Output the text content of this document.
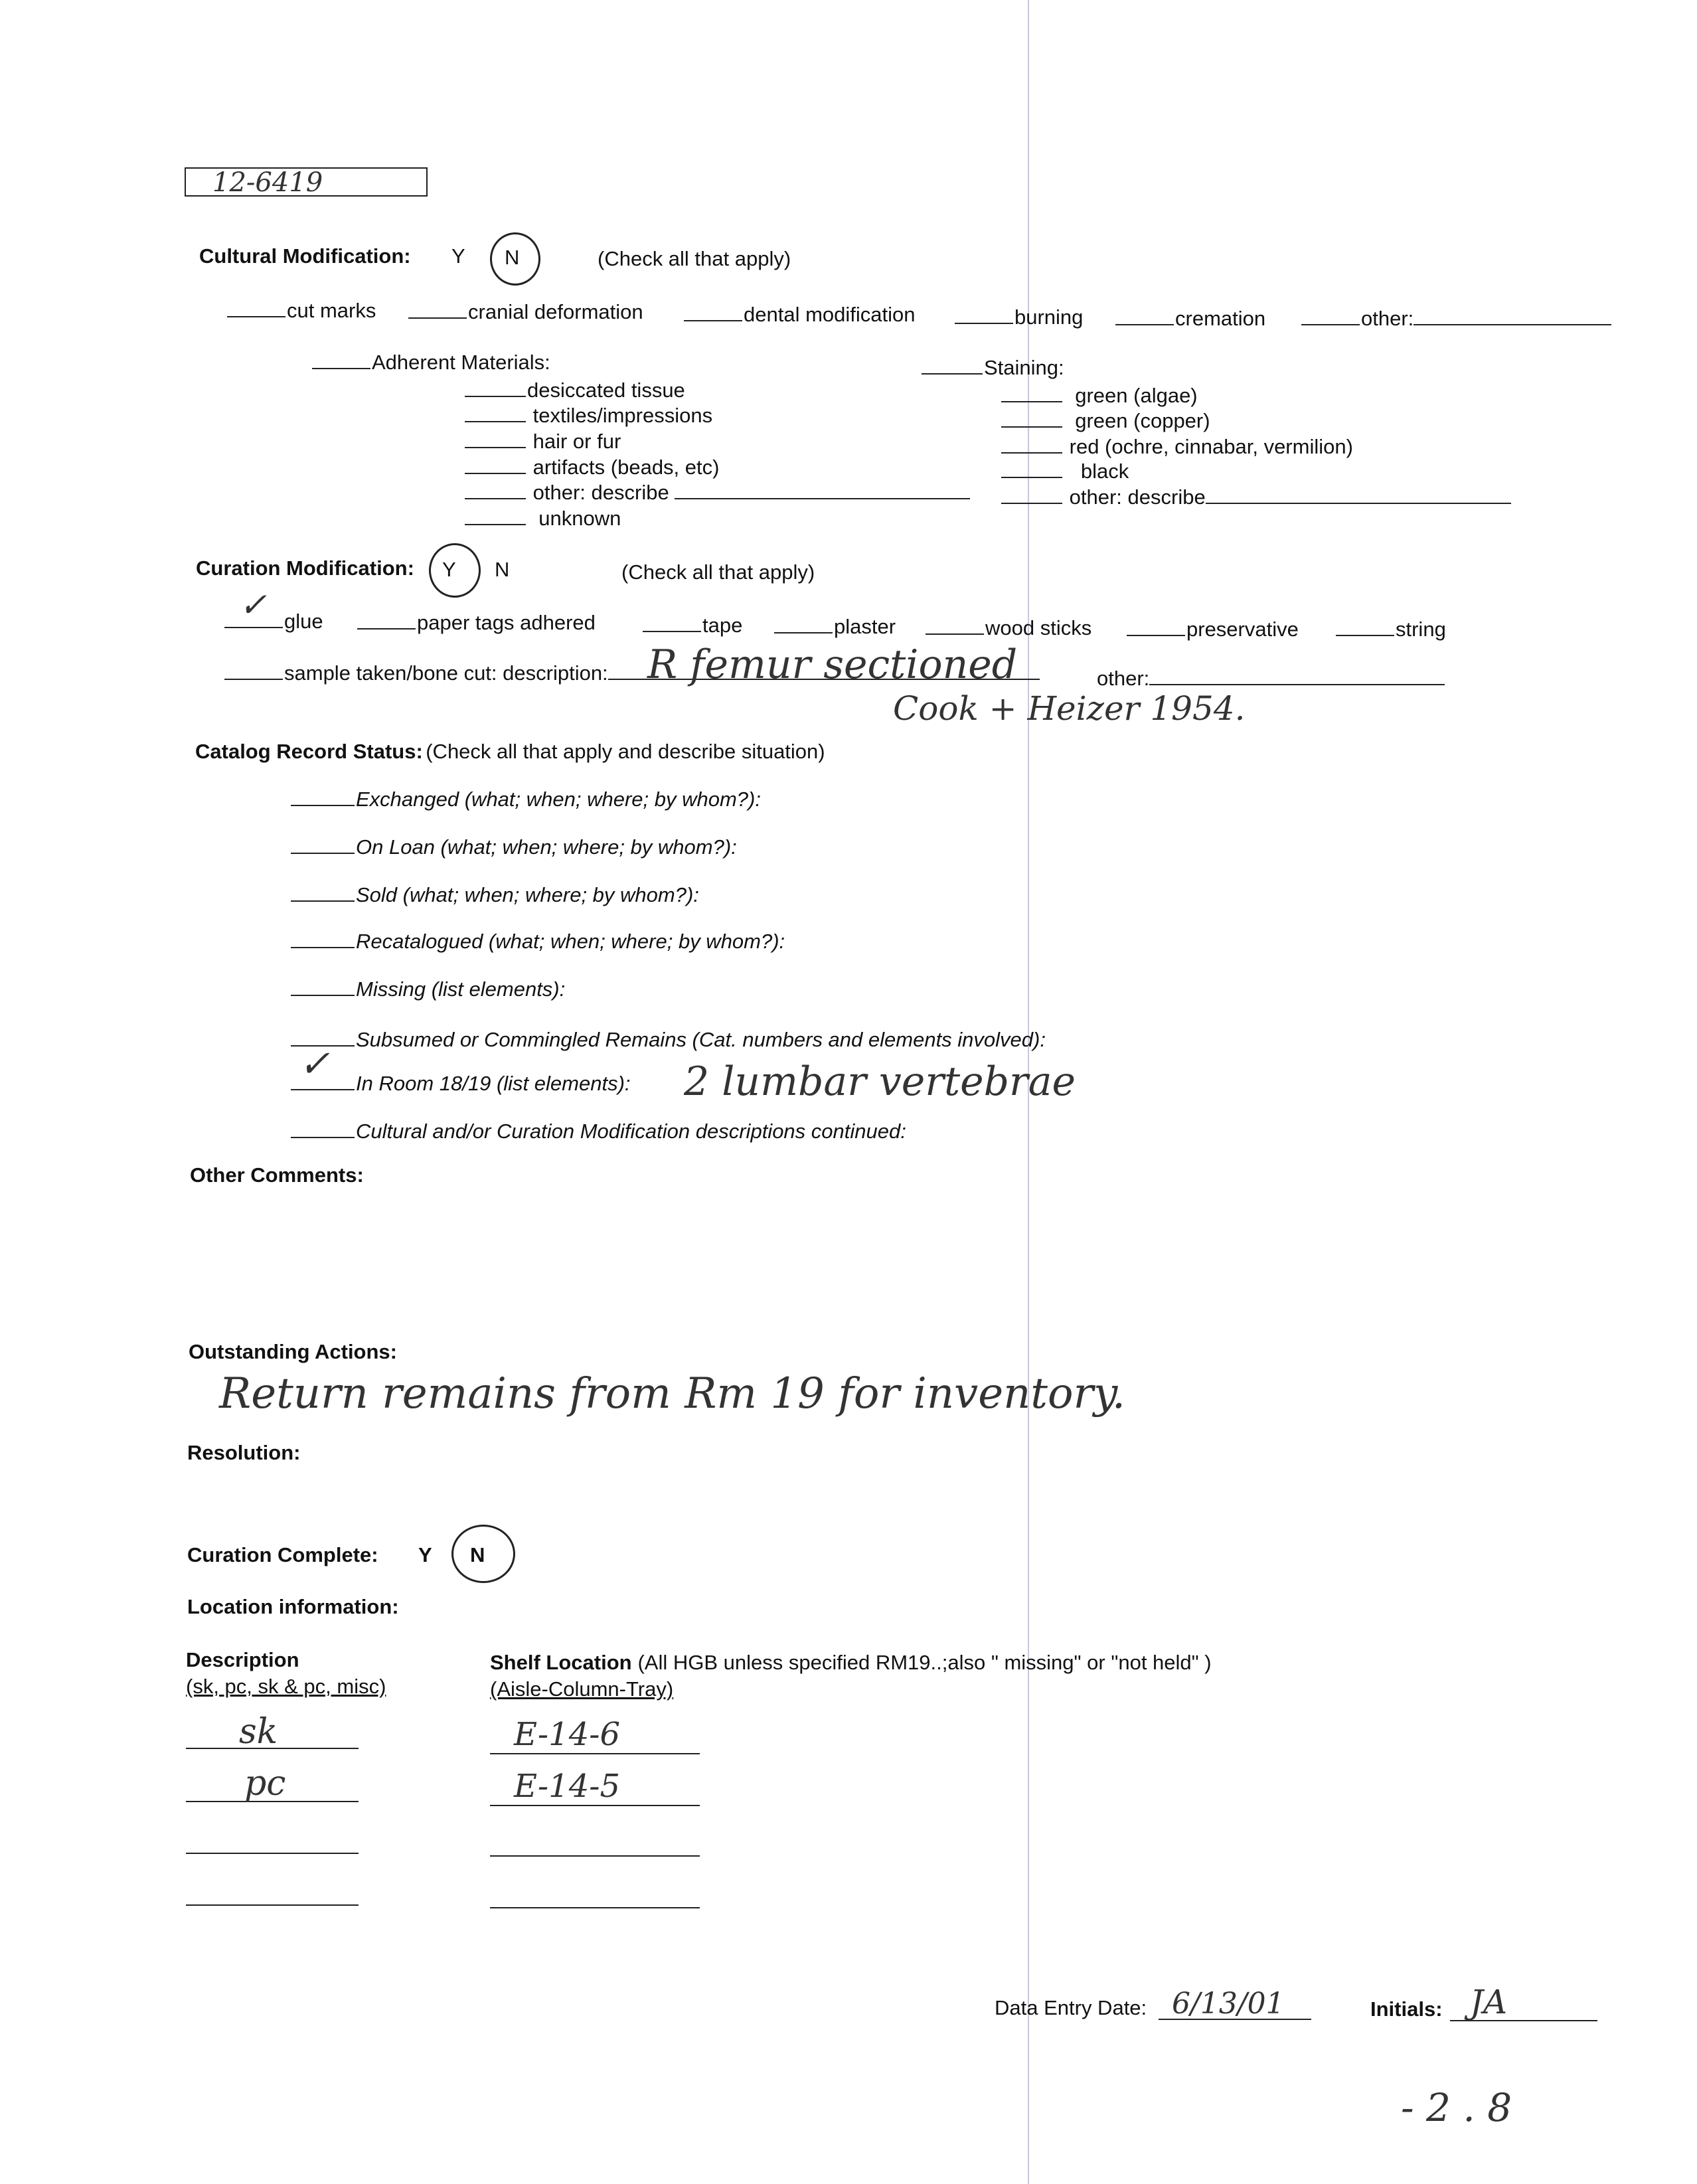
12-6419
Cultural Modification: Y N	(Check all that apply)
cut marks	cranial deformation	dental modification	burning	cremation	other:
Adherent Materials:
desiccated tissue
textiles/impressions
hair or fur
artifacts (beads, etc)
other: describe
unknown
Staining:
green (algae)
green (copper)
red (ochre, cinnabar, vermilion)
black
other: describe
Curation Modification: Y N	(Check all that apply)
✓ glue	paper tags adhered	tape	plaster	wood sticks	preservative	string
sample taken/bone cut: description: R femur sectioned	other:
Cook + Heizer 1954.
Catalog Record Status: (Check all that apply and describe situation)
Exchanged (what; when; where; by whom?):
On Loan (what; when; where; by whom?):
Sold (what; when; where; by whom?):
Recatalogued (what; when; where; by whom?):
Missing (list elements):
Subsumed or Commingled Remains (Cat. numbers and elements involved):
✓	In Room 18/19 (list elements): 2 lumbar vertebrae
Cultural and/or Curation Modification descriptions continued:
Other Comments:
Outstanding Actions:
Return remains from Rm 19 for inventory.
Resolution:
Curation Complete: Y N
Location information:
Description
(sk, pc, sk & pc, misc)
Shelf Location (All HGB unless specified RM19..;also " missing" or "not held" )
(Aisle-Column-Tray)
sk	E-14-6
pc	E-14-5
Data Entry Date: 6/13/01	Initials: JA
- 2 . 8
